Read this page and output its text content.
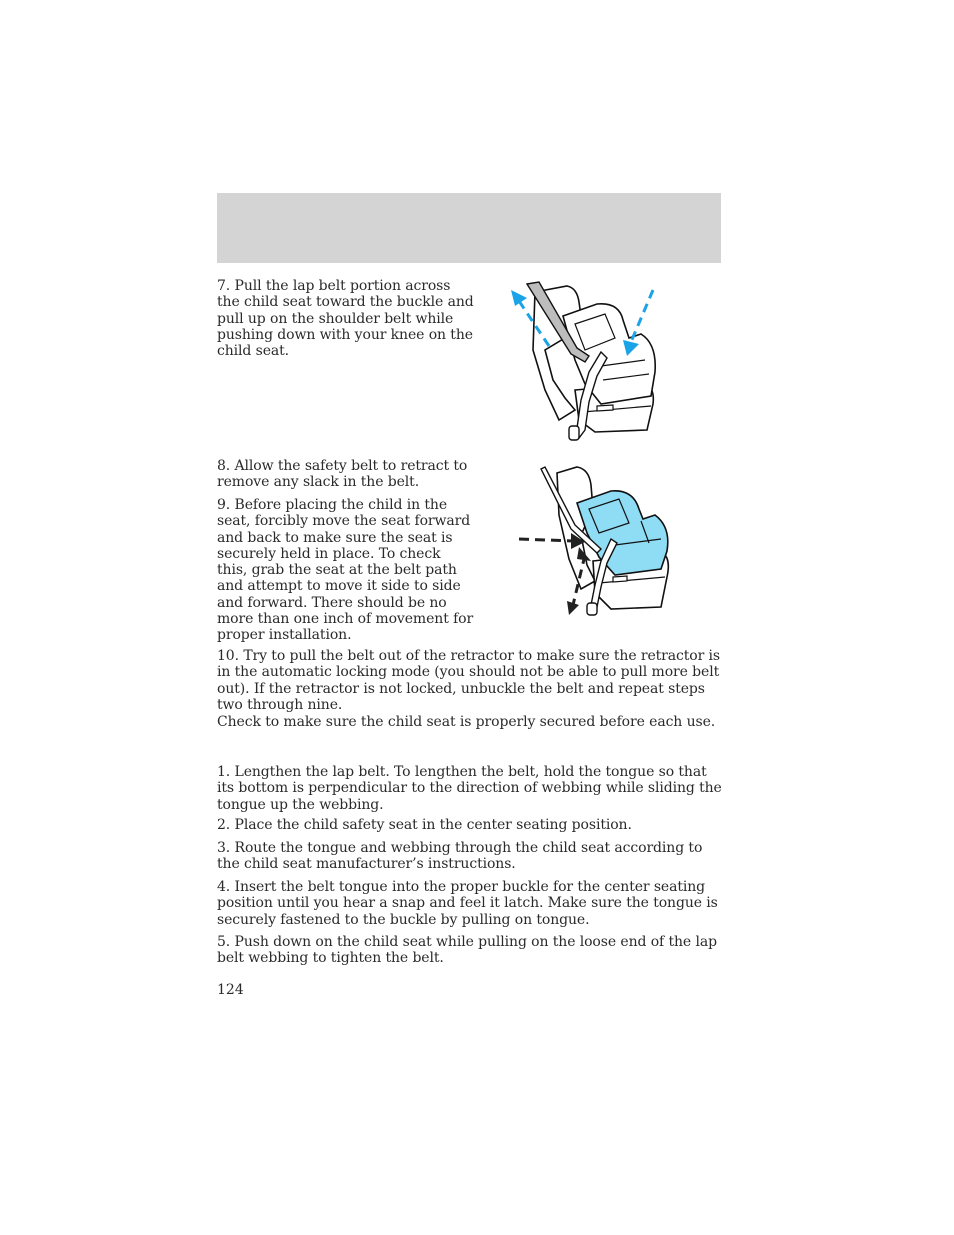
7. Pull the lap belt portion across the child seat toward the buckle and pull up on the shoulder belt while pushing down with your knee on the child seat.

8. Allow the safety belt to retract to remove any slack in the belt.

9. Before placing the child in the seat, forcibly move the seat forward and back to make sure the seat is securely held in place. To check this, grab the seat at the belt path and attempt to move it side to side and forward. There should be no more than one inch of movement for proper installation.

10. Try to pull the belt out of the retractor to make sure the retractor is in the automatic locking mode (you should not be able to pull more belt out). If the retractor is not locked, unbuckle the belt and repeat steps two through nine.

Check to make sure the child seat is properly secured before each use.

1. Lengthen the lap belt. To lengthen the belt, hold the tongue so that its bottom is perpendicular to the direction of webbing while sliding the tongue up the webbing.

2. Place the child safety seat in the center seating position.

3. Route the tongue and webbing through the child seat according to the child seat manufacturer’s instructions.

4. Insert the belt tongue into the proper buckle for the center seating position until you hear a snap and feel it latch. Make sure the tongue is securely fastened to the buckle by pulling on tongue.

5. Push down on the child seat while pulling on the loose end of the lap belt webbing to tighten the belt.

124
